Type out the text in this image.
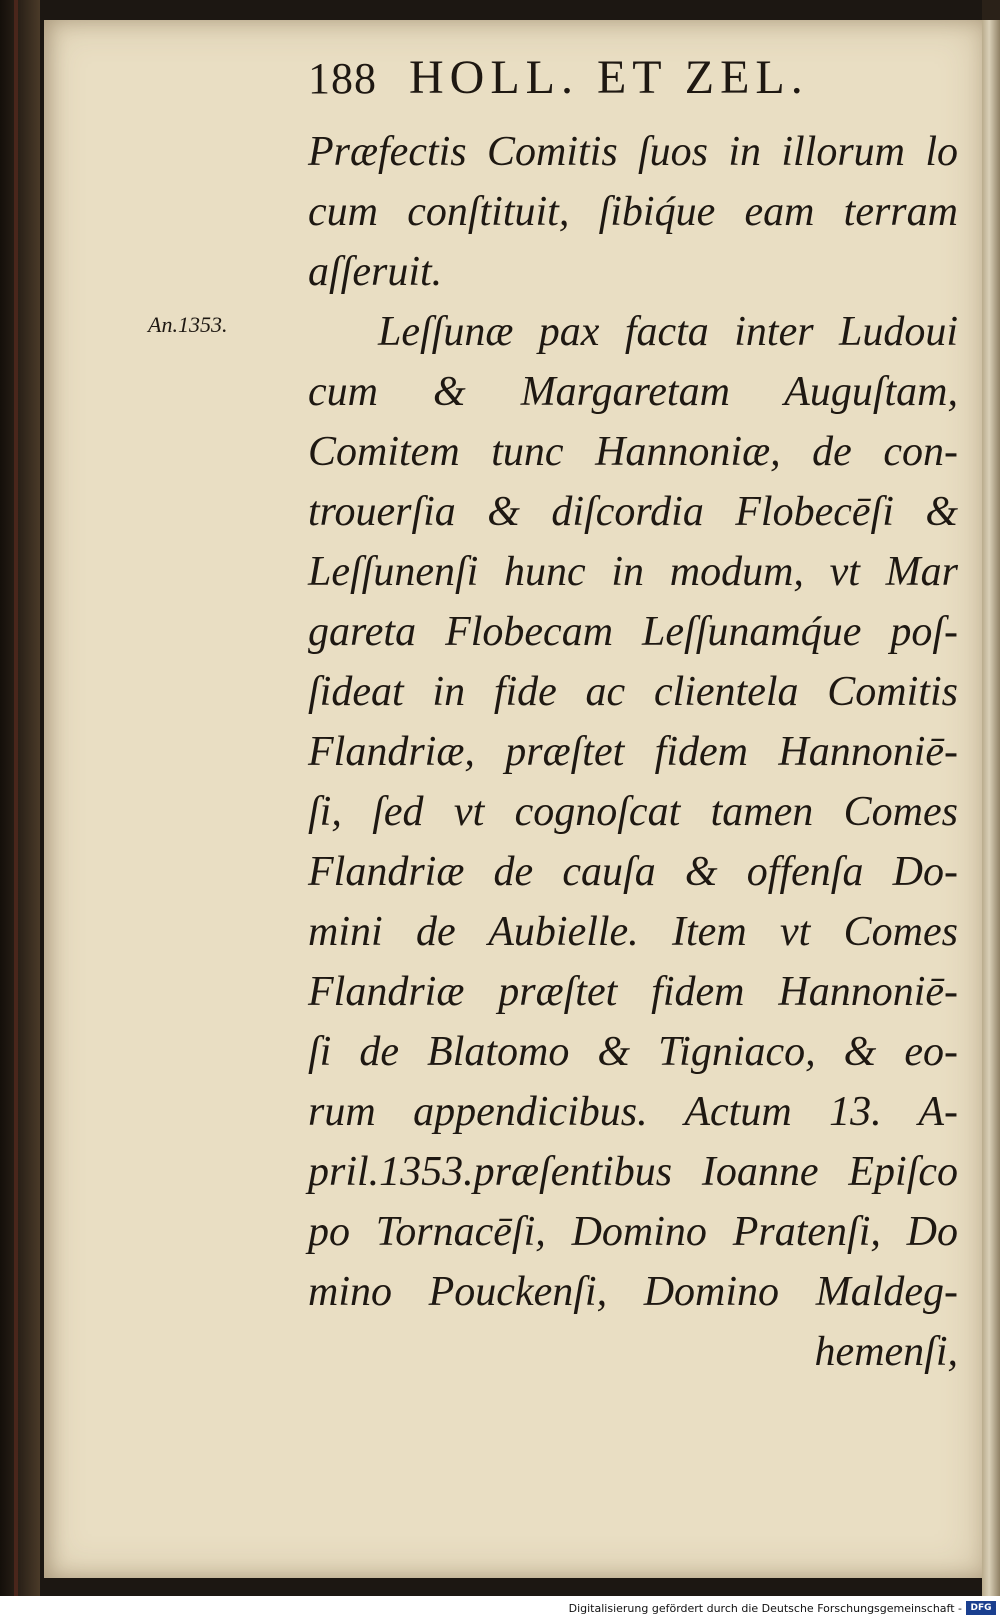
188 HOLL. ET ZEL.
An.1353.
Præfectis Comitis ſuos in illorum lo
cum conſtituit, ſibiq́ue eam terram
aſſeruit.
Leſſunæ pax facta inter Ludoui
cum & Margaretam Auguſtam,
Comitem tunc Hannoniæ, de con-
trouerſia & diſcordia Flobecēſi &
Leſſunenſi hunc in modum, vt Mar
gareta Flobecam Leſſunamq́ue poſ-
ſideat in fide ac clientela Comitis
Flandriæ, præſtet fidem Hannoniē-
ſi, ſed vt cognoſcat tamen Comes
Flandriæ de cauſa & offenſa Do-
mini de Aubielle. Item vt Comes
Flandriæ præſtet fidem Hannoniē-
ſi de Blatomo & Tigniaco, & eo-
rum appendicibus. Actum 13. A-
pril.1353.præſentibus Ioanne Epiſco
po Tornacēſi, Domino Pratenſi, Do
mino Pouckenſi, Domino Maldeg-
hemenſi,
Digitalisierung gefördert durch die Deutsche Forschungsgemeinschaft - DFG
